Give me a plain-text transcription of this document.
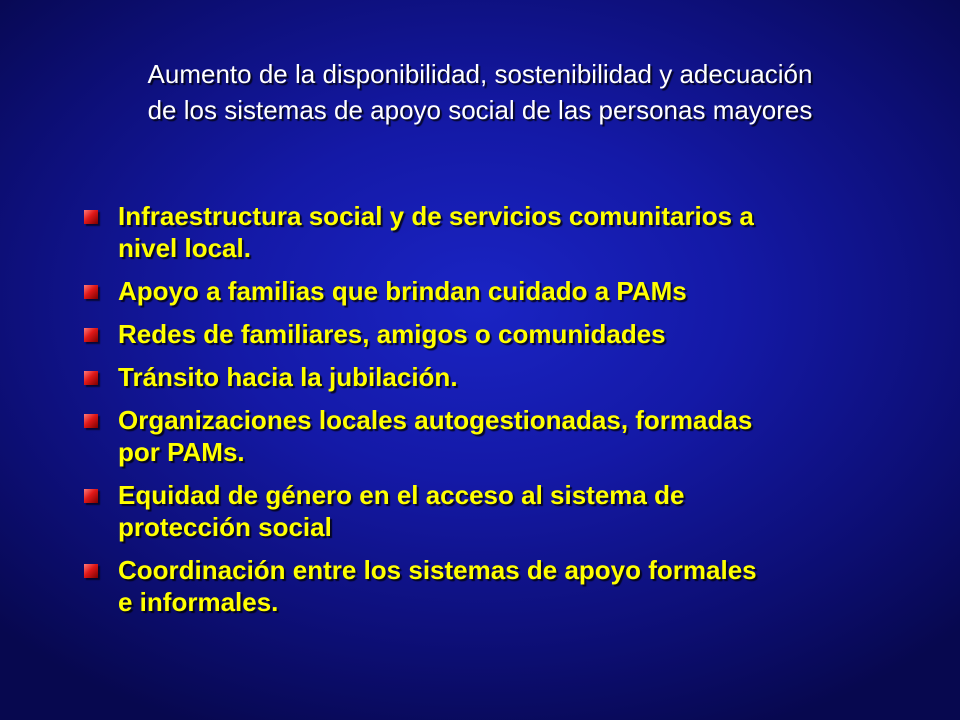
Aumento de la disponibilidad, sostenibilidad y adecuación
de los sistemas de apoyo social de las personas mayores
Infraestructura social y de servicios comunitarios a
nivel local.
Apoyo a familias que brindan cuidado a PAMs
Redes de familiares, amigos o comunidades
Tránsito hacia la jubilación.
Organizaciones locales autogestionadas, formadas
por PAMs.
Equidad de género en el acceso al sistema de
protección social
Coordinación entre los sistemas de apoyo formales
e informales.
